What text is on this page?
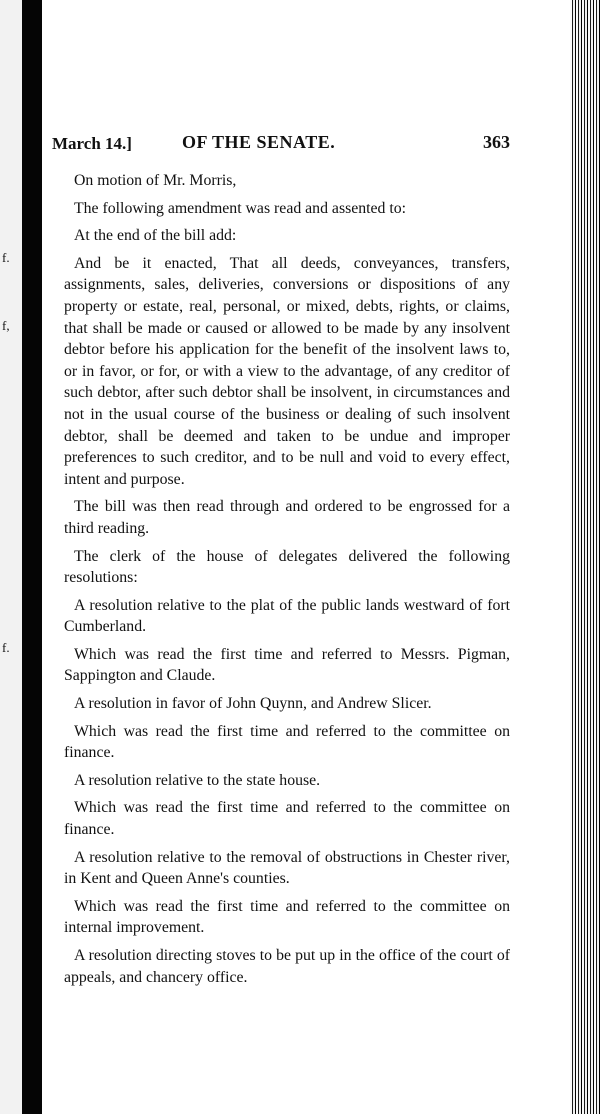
f.
f,
f.
March 14.]	OF THE SENATE.	363

On motion of Mr. Morris,

The following amendment was read and assented to:

At the end of the bill add:

And be it enacted, That all deeds, conveyances, transfers, assignments, sales, deliveries, conversions or dispositions of any property or estate, real, personal, or mixed, debts, rights, or claims, that shall be made or caused or allowed to be made by any insolvent debtor before his application for the benefit of the insolvent laws to, or in favor, or for, or with a view to the advantage, of any creditor of such debtor, after such debtor shall be insolvent, in circumstances and not in the usual course of the business or dealing of such insolvent debtor, shall be deemed and taken to be undue and improper preferences to such creditor, and to be null and void to every effect, intent and purpose.

The bill was then read through and ordered to be engrossed for a third reading.

The clerk of the house of delegates delivered the following resolutions:

A resolution relative to the plat of the public lands westward of fort Cumberland.

Which was read the first time and referred to Messrs. Pigman, Sappington and Claude.

A resolution in favor of John Quynn, and Andrew Slicer.

Which was read the first time and referred to the committee on finance.

A resolution relative to the state house.

Which was read the first time and referred to the committee on finance.

A resolution relative to the removal of obstructions in Chester river, in Kent and Queen Anne's counties.

Which was read the first time and referred to the committee on internal improvement.

A resolution directing stoves to be put up in the office of the court of appeals, and chancery office.
